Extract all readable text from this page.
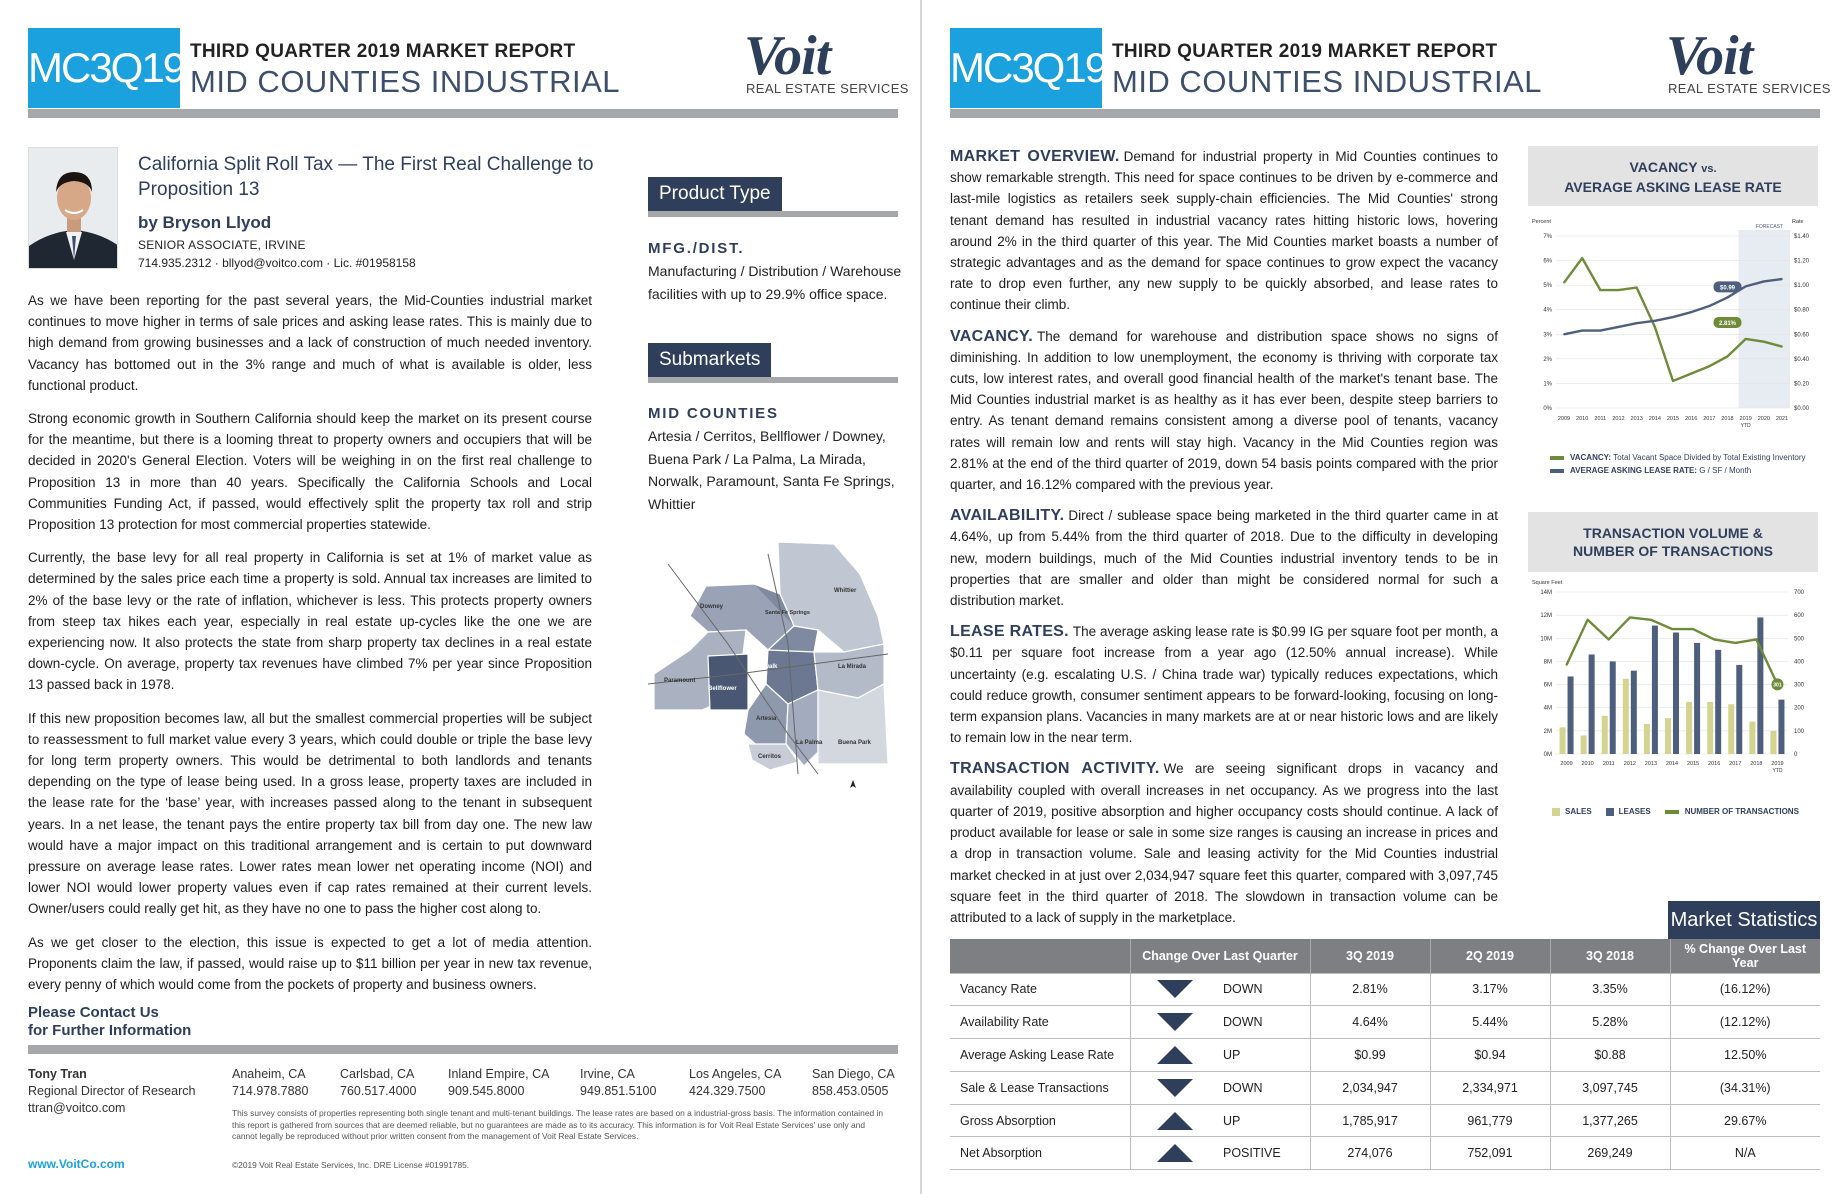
MC3Q19 THIRD QUARTER 2019 MARKET REPORT
MID COUNTIES INDUSTRIAL Voit
REAL ESTATE SERVICES
California Split Roll Tax — The First Real Challenge to Proposition 13
by Bryson Llyod
SENIOR ASSOCIATE, IRVINE
714.935.2312 · bllyod@voitco.com · Lic. #01958158

As we have been reporting for the past several years, the Mid-Counties industrial market continues to move higher in terms of sale prices and asking lease rates. This is mainly due to high demand from growing businesses and a lack of construction of much needed inventory. Vacancy has bottomed out in the 3% range and much of what is available is older, less functional product.

Strong economic growth in Southern California should keep the market on its present course for the meantime, but there is a looming threat to property owners and occupiers that will be decided in 2020's General Election. Voters will be weighing in on the first real challenge to Proposition 13 in more than 40 years. Specifically the California Schools and Local Communities Funding Act, if passed, would effectively split the property tax roll and strip Proposition 13 protection for most commercial properties statewide.

Currently, the base levy for all real property in California is set at 1% of market value as determined by the sales price each time a property is sold. Annual tax increases are limited to 2% of the base levy or the rate of inflation, whichever is less. This protects property owners from steep tax hikes each year, especially in real estate up-cycles like the one we are experiencing now. It also protects the state from sharp property tax declines in a real estate down-cycle. On average, property tax revenues have climbed 7% per year since Proposition 13 passed back in 1978.

If this new proposition becomes law, all but the smallest commercial properties will be subject to reassessment to full market value every 3 years, which could double or triple the base levy for long term property owners. This would be detrimental to both landlords and tenants depending on the type of lease being used. In a gross lease, property taxes are included in the lease rate for the ‘base’ year, with increases passed along to the tenant in subsequent years. In a net lease, the tenant pays the entire property tax bill from day one. The new law would have a major impact on this traditional arrangement and is certain to put downward pressure on average lease rates. Lower rates mean lower net operating income (NOI) and lower NOI would lower property values even if cap rates remained at their current levels. Owner/users could really get hit, as they have no one to pass the higher cost along to.

As we get closer to the election, this issue is expected to get a lot of media attention. Proponents claim the law, if passed, would raise up to $11 billion per year in new tax revenue, every penny of which would come from the pockets of property and business owners.

Product Type
MFG./DIST.
Manufacturing / Distribution / Warehouse facilities with up to 29.9% office space.
Submarkets
MID COUNTIES
Artesia / Cerritos, Bellflower / Downey, Buena Park / La Palma, La Mirada, Norwalk, Paramount, Santa Fe Springs, Whittier
Whittier
Downey
Santa Fe Springs
Norwalk	La Mirada
Paramount
Bellflower
Artesia
Cerritos
La Palma	Buena Park
Please Contact Us
for Further Information
Tony Tran
Regional Director of Research
ttran@voitco.com
Anaheim, CA
714.978.7880
Carlsbad, CA
760.517.4000
Inland Empire, CA
909.545.8000
Irvine, CA
949.851.5100
Los Angeles, CA
424.329.7500
San Diego, CA
858.453.0505
This survey consists of properties representing both single tenant and multi-tenant buildings. The lease rates are based on a industrial-gross basis. The information contained in this report is gathered from sources that are deemed reliable, but no guarantees are made as to its accuracy. This information is for Voit Real Estate Services' use only and cannot legally be reproduced without prior written consent from the management of Voit Real Estate Services.
©2019 Voit Real Estate Services, Inc. DRE License #01991785.
www.VoitCo.com
MC3Q19 THIRD QUARTER 2019 MARKET REPORT
MID COUNTIES INDUSTRIAL Voit
REAL ESTATE SERVICES

MARKET OVERVIEW. Demand for industrial property in Mid Counties continues to show remarkable strength. This need for space continues to be driven by e-commerce and last-mile logistics as retailers seek supply-chain efficiencies. The Mid Counties' strong tenant demand has resulted in industrial vacancy rates hitting historic lows, hovering around 2% in the third quarter of this year. The Mid Counties market boasts a number of strategic advantages and as the demand for space continues to grow expect the vacancy rate to drop even further, any new supply to be quickly absorbed, and lease rates to continue their climb.

VACANCY. The demand for warehouse and distribution space shows no signs of diminishing. In addition to low unemployment, the economy is thriving with corporate tax cuts, low interest rates, and overall good financial health of the market's tenant base. The Mid Counties industrial market is as healthy as it has ever been, despite steep barriers to entry. As tenant demand remains consistent among a diverse pool of tenants, vacancy rates will remain low and rents will stay high. Vacancy in the Mid Counties region was 2.81% at the end of the third quarter of 2019, down 54 basis points compared with the prior quarter, and 16.12% compared with the previous year.

AVAILABILITY. Direct / sublease space being marketed in the third quarter came in at 4.64%, up from 5.44% from the third quarter of 2018. Due to the difficulty in developing new, modern buildings, much of the Mid Counties industrial inventory tends to be in properties that are smaller and older than might be considered normal for such a distribution market.

LEASE RATES. The average asking lease rate is $0.99 IG per square foot per month, a $0.11 per square foot increase from a year ago (12.50% annual increase). While uncertainty (e.g. escalating U.S. / China trade war) typically reduces expectations, which could reduce growth, consumer sentiment appears to be forward-looking, focusing on long-term expansion plans. Vacancies in many markets are at or near historic lows and are likely to remain low in the near term.

TRANSACTION ACTIVITY. We are seeing significant drops in vacancy and availability coupled with overall increases in net occupancy. As we progress into the last quarter of 2019, positive absorption and higher occupancy costs should continue. A lack of product available for lease or sale in some size ranges is causing an increase in prices and a drop in transaction volume. Sale and leasing activity for the Mid Counties industrial market checked in at just over 2,034,947 square feet this quarter, compared with 3,097,745 square feet in the third quarter of 2018. The slowdown in transaction volume can be attributed to a lack of supply in the marketplace.

VACANCY vs.
AVERAGE ASKING LEASE RATE
FORECAST
Percent	Rate
0%
1%
2%
3%
4%
5%
6%
7%
$0.00
$0.20
$0.40
$0.60
$0.80
$1.00
$1.20
$1.40
2009 2010 2011 2012 2013 2014 2015 2016 2017 2018 2019
YTD
2020 2021
$0.99
2.81%
VACANCY:
Total Vacant Space Divided by Total Existing Inventory
AVERAGE ASKING LEASE RATE:
G / SF / Month
TRANSACTION VOLUME &
NUMBER OF TRANSACTIONS
Square Feet
0M
2M
4M
6M
8M
10M
12M
14M
0
100
200
300
400
500
600
700
2009 2010 2011 2012 2013 2014 2015 2016 2017 2018 2019
YTD
301
SALES	LEASES	NUMBER OF TRANSACTIONS
Market Statistics
	Change Over Last Quarter	3Q 2019	2Q 2019	3Q 2018	% Change Over Last Year
Vacancy Rate	DOWN	2.81%	3.17%	3.35%	(16.12%)
Availability Rate	DOWN	4.64%	5.44%	5.28%	(12.12%)
Average Asking Lease Rate	UP	$0.99	$0.94	$0.88	12.50%
Sale & Lease Transactions	DOWN	2,034,947	2,334,971	3,097,745	(34.31%)
Gross Absorption	UP	1,785,917	961,779	1,377,265	29.67%
Net Absorption	POSITIVE	274,076	752,091	269,249	N/A
